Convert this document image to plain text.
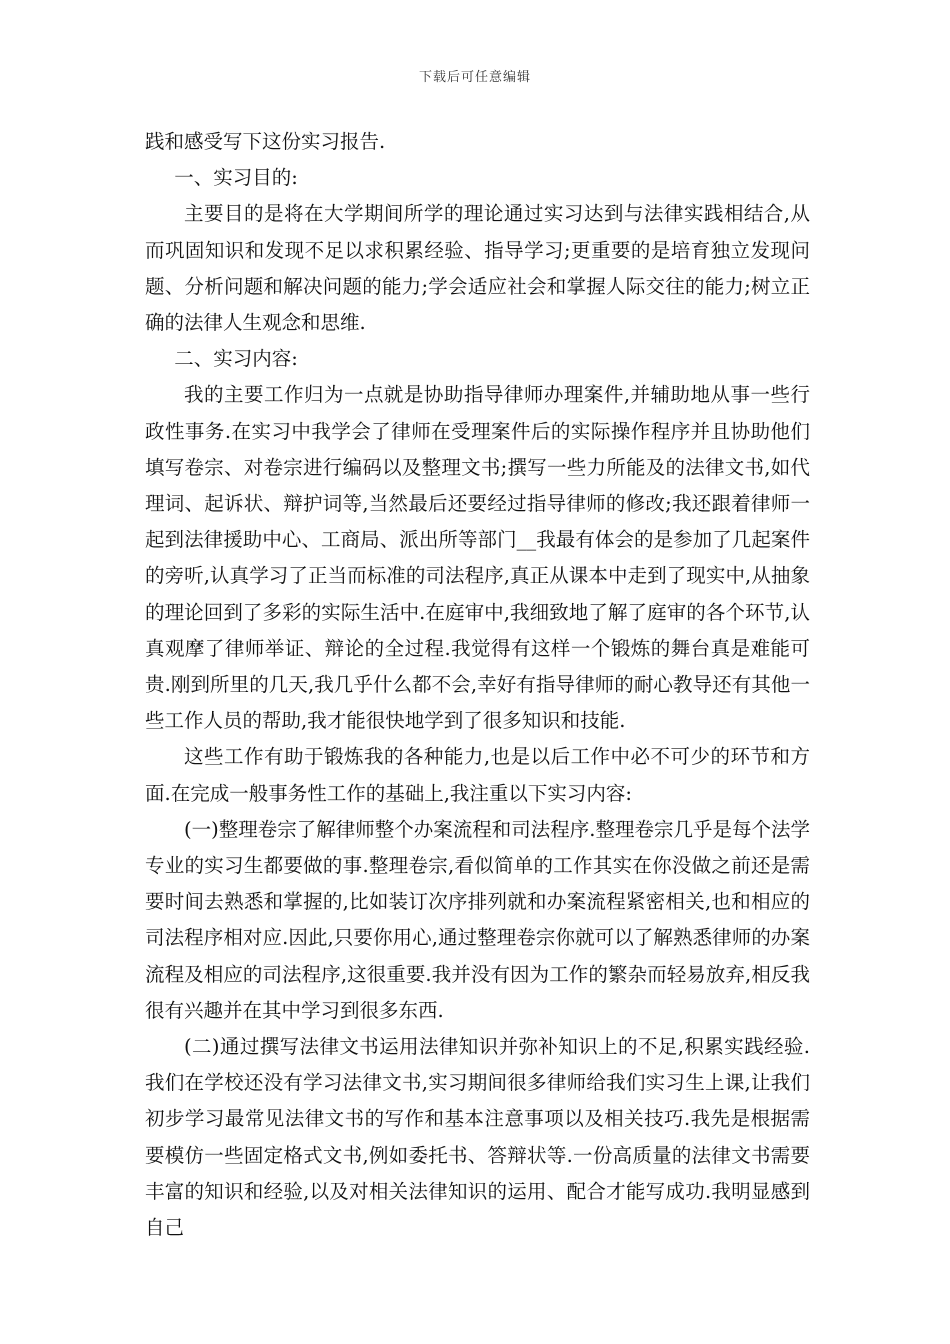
下载后可任意编辑

践和感受写下这份实习报告.

一、实习目的:

主要目的是将在大学期间所学的理论通过实习达到与法律实践相结合,从而巩固知识和发现不足以求积累经验、指导学习;更重要的是培育独立发现问题、分析问题和解决问题的能力;学会适应社会和掌握人际交往的能力;树立正确的法律人生观念和思维.

二、实习内容:

我的主要工作归为一点就是协助指导律师办理案件,并辅助地从事一些行政性事务.在实习中我学会了律师在受理案件后的实际操作程序并且协助他们填写卷宗、对卷宗进行编码以及整理文书;撰写一些力所能及的法律文书,如代理词、起诉状、辩护词等,当然最后还要经过指导律师的修改;我还跟着律师一起到法律援助中心、工商局、派出所等部门__我最有体会的是参加了几起案件的旁听,认真学习了正当而标准的司法程序,真正从课本中走到了现实中,从抽象的理论回到了多彩的实际生活中.在庭审中,我细致地了解了庭审的各个环节,认真观摩了律师举证、辩论的全过程.我觉得有这样一个锻炼的舞台真是难能可贵.刚到所里的几天,我几乎什么都不会,幸好有指导律师的耐心教导还有其他一些工作人员的帮助,我才能很快地学到了很多知识和技能.

这些工作有助于锻炼我的各种能力,也是以后工作中必不可少的环节和方面.在完成一般事务性工作的基础上,我注重以下实习内容:

(一)整理卷宗了解律师整个办案流程和司法程序.整理卷宗几乎是每个法学专业的实习生都要做的事.整理卷宗,看似简单的工作其实在你没做之前还是需要时间去熟悉和掌握的,比如装订次序排列就和办案流程紧密相关,也和相应的司法程序相对应.因此,只要你用心,通过整理卷宗你就可以了解熟悉律师的办案流程及相应的司法程序,这很重要.我并没有因为工作的繁杂而轻易放弃,相反我很有兴趣并在其中学习到很多东西.

(二)通过撰写法律文书运用法律知识并弥补知识上的不足,积累实践经验.我们在学校还没有学习法律文书,实习期间很多律师给我们实习生上课,让我们初步学习最常见法律文书的写作和基本注意事项以及相关技巧.我先是根据需要模仿一些固定格式文书,例如委托书、答辩状等.一份高质量的法律文书需要丰富的知识和经验,以及对相关法律知识的运用、配合才能写成功.我明显感到自己
